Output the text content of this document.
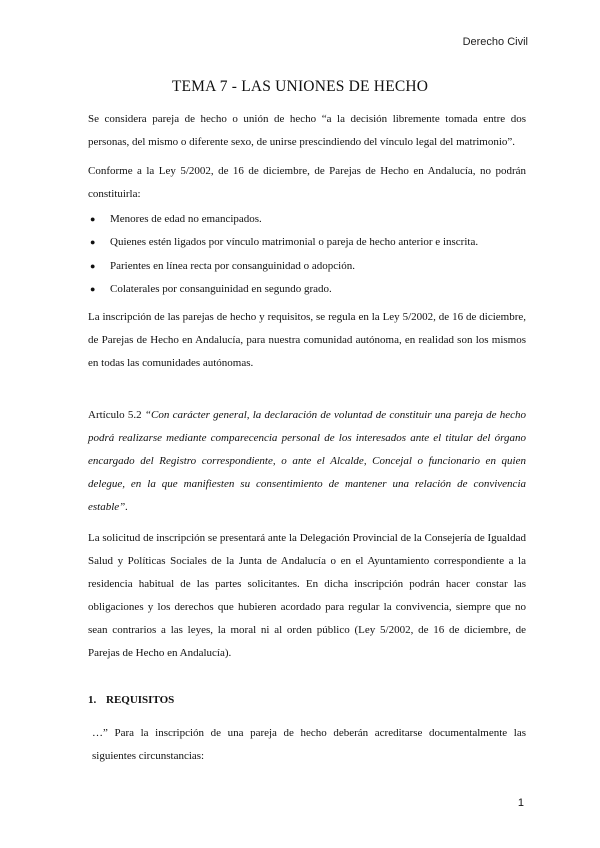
Derecho Civil
TEMA 7 - LAS UNIONES DE HECHO
Se considera pareja de hecho o unión de hecho “a la decisión libremente tomada entre dos personas, del mismo o diferente sexo, de unirse prescindiendo del vínculo legal del matrimonio”.
Conforme a la Ley 5/2002, de 16 de diciembre, de Parejas de Hecho en Andalucía, no podrán constituirla:
● Menores de edad no emancipados.
● Quienes estén ligados por vínculo matrimonial o pareja de hecho anterior e inscrita.
● Parientes en línea recta por consanguinidad o adopción.
● Colaterales por consanguinidad en segundo grado.
La inscripción de las parejas de hecho y requisitos, se regula en la Ley 5/2002, de 16 de diciembre, de Parejas de Hecho en Andalucía, para nuestra comunidad autónoma, en realidad son los mismos en todas las comunidades autónomas.
Artículo 5.2 “Con carácter general, la declaración de voluntad de constituir una pareja de hecho podrá realizarse mediante comparecencia personal de los interesados ante el titular del órgano encargado del Registro correspondiente, o ante el Alcalde, Concejal o funcionario en quien delegue, en la que manifiesten su consentimiento de mantener una relación de convivencia estable”.
La solicitud de inscripción se presentará ante la Delegación Provincial de la Consejería de Igualdad Salud y Políticas Sociales de la Junta de Andalucía o en el Ayuntamiento correspondiente a la residencia habitual de las partes solicitantes. En dicha inscripción podrán hacer constar las obligaciones y los derechos que hubieren acordado para regular la convivencia, siempre que no sean contrarios a las leyes, la moral ni al orden público (Ley 5/2002, de 16 de diciembre, de Parejas de Hecho en Andalucía).
1. REQUISITOS
…” Para la inscripción de una pareja de hecho deberán acreditarse documentalmente las siguientes circunstancias:
1
